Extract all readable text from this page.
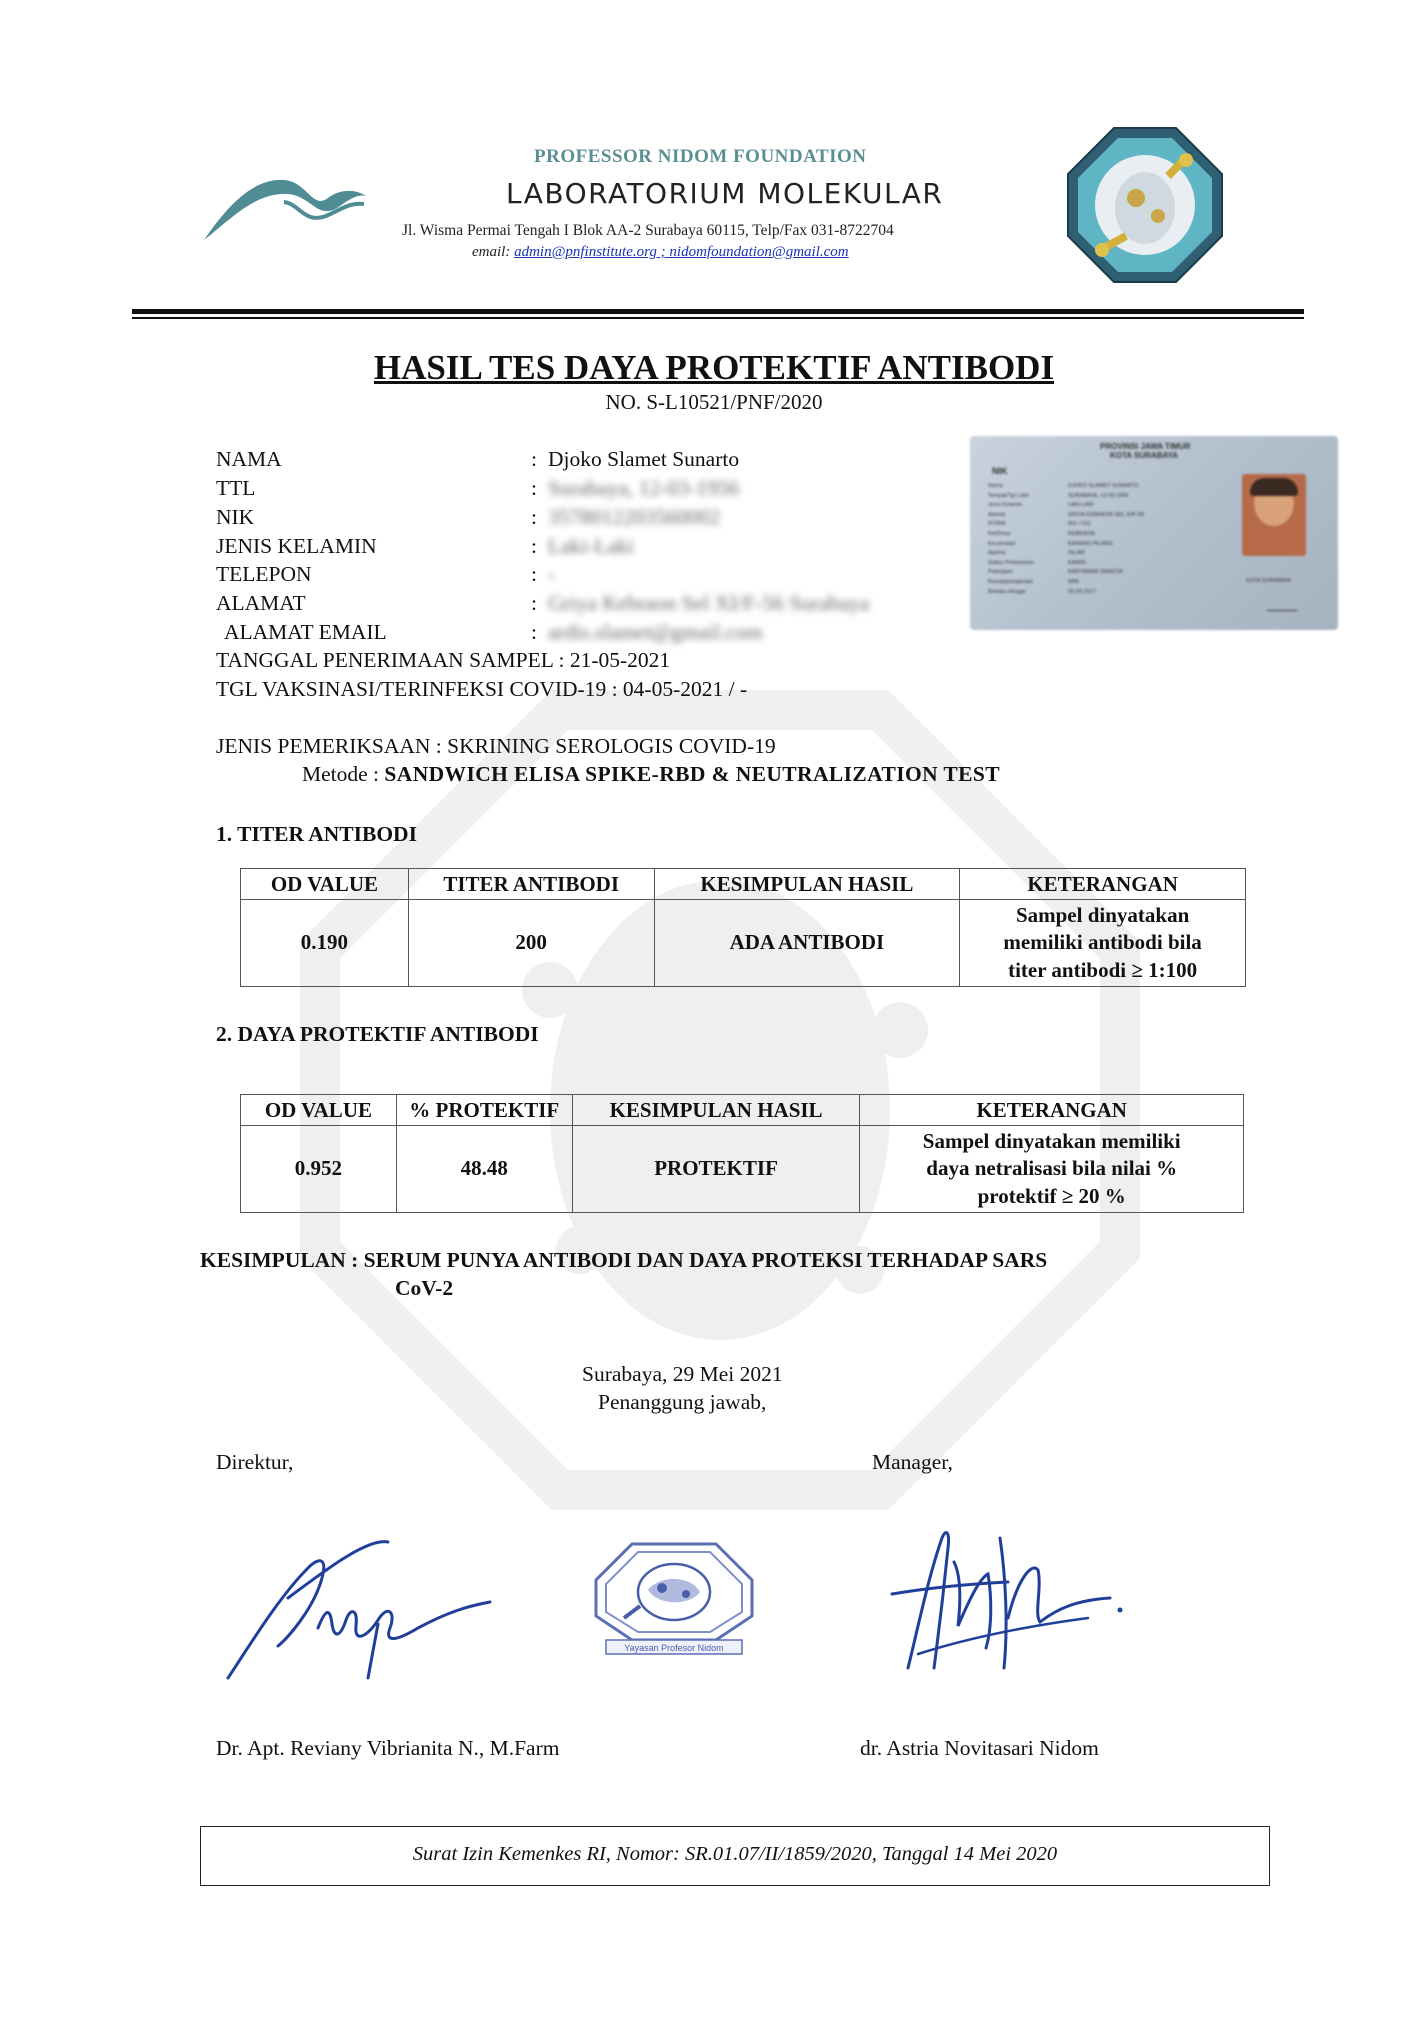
PROFESSOR NIDOM FOUNDATION
LABORATORIUM MOLEKULAR
Jl. Wisma Permai Tengah I Blok AA-2 Surabaya 60115, Telp/Fax 031-8722704
email: admin@pnfinstitute.org ; nidomfoundation@gmail.com
HASIL TES DAYA PROTEKTIF ANTIBODI
NO. S-L10521/PNF/2020
NAMA	: Djoko Slamet Sunarto
TTL	: Surabaya, 12-03-1956
NIK	: 3578012203560002
JENIS KELAMIN	: Laki-Laki
TELEPON	: -
ALAMAT	: Griya Kebraon Sel XI/F-56 Surabaya
ALAMAT EMAIL	: ardis.slamet@gmail.com
TANGGAL PENERIMAAN SAMPEL : 21-05-2021
TGL VAKSINASI/TERINFEKSI COVID-19 : 04-05-2021 / -
PROVINSI JAWA TIMUR
KOTA SURABAYA
NIK
Nama	DJOKO SLAMET SUNARTO
Tempat/Tgl Lahir	SURABAYA, 12-03-1956
Jenis Kelamin	LAKI-LAKI
Alamat	GRIYA KEBRAON SEL XI/F-56
RT/RW	001 / 012
Kel/Desa	KEBRAON
Kecamatan	KARANG PILANG
Agama	ISLAM
Status Perkawinan	KAWIN
Pekerjaan	KARYAWAN SWASTA
Kewarganegaraan	WNI
Berlaku Hingga	20-03-2017
KOTA SURABAYA
JENIS PEMERIKSAAN : SKRINING SEROLOGIS COVID-19
Metode : SANDWICH ELISA SPIKE-RBD & NEUTRALIZATION TEST
1. TITER ANTIBODI
OD VALUE	TITER ANTIBODI	KESIMPULAN HASIL	KETERANGAN
0.190	200	ADA ANTIBODI	Sampel dinyatakan
memiliki antibodi bila
titer antibodi ≥ 1:100
2. DAYA PROTEKTIF ANTIBODI
OD VALUE	% PROTEKTIF	KESIMPULAN HASIL	KETERANGAN
0.952	48.48	PROTEKTIF	Sampel dinyatakan memiliki
daya netralisasi bila nilai %
protektif ≥ 20 %
KESIMPULAN : SERUM PUNYA ANTIBODI DAN DAYA PROTEKSI TERHADAP SARS
CoV-2
Surabaya, 29 Mei 2021
Penanggung jawab,
Direktur,	Manager,
Yayasan Profesor Nidom
Dr. Apt. Reviany Vibrianita N., M.Farm	dr. Astria Novitasari Nidom
Surat Izin Kemenkes RI, Nomor: SR.01.07/II/1859/2020, Tanggal 14 Mei 2020
